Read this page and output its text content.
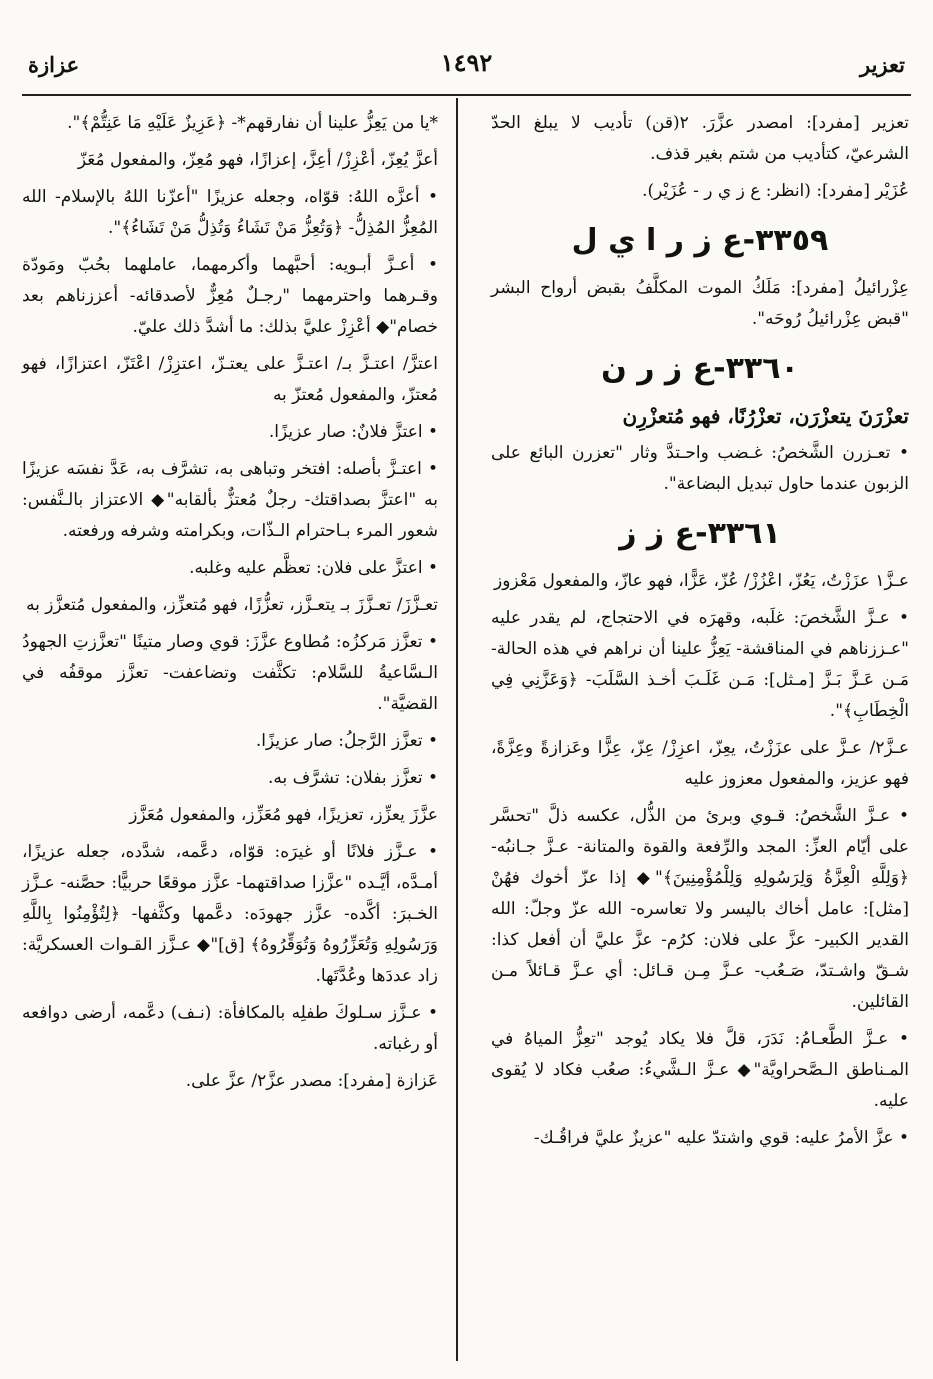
تعزير
١٤٩٢
عزازة

تعزير [مفرد]: امصدر عزَّرَ. ٢(قن) تأديب لا يبلغ الحدّ الشرعيّ، كتأديب من شتم بغير قذف.

عُزَيْر [مفرد]: (انظر: ع ز ي ر - عُزَيْر).

٣٣٥٩-ع ز ر ا ي ل

عِزْرائيلُ [مفرد]: مَلَكُ الموت المكلَّفُ بقبض أرواح البشر "قبض عِزْرائيلُ رُوحَه".

٣٣٦٠-ع ز ر ن

تعزْرَنَ يتعزْرَن، تعزْرُنًا، فهو مُتعزْرِن

• تعـزرن الشَّخصُ: غـضب واحـتدَّ وثار "تعزرن البائع على الزبون عندما حاول تبديل البضاعة".

٣٣٦١-ع ز ز

عـزَّ١ عزَزْتُ، يَعُزّ، اعْزُزْ/ عُزّ، عَزًّا، فهو عازّ، والمفعول مَعْزوز

• عـزَّ الشَّخصَ: غلَبه، وقهرَه في الاحتجاج، لم يقدر عليه "عـززناهم في المناقشة- يَعِزُّ علينا أن نراهم في هذه الحالة- مَـن عَـزَّ بَـزَّ [مـثل]: مَـن غَلَـبَ أخـذ السَّلَبَ- ﴿وَعَزَّنِي فِي الْخِطَابِ﴾".

عـزَّ٢/ عـزَّ على عزَزْتُ، يعِزّ، اعزِزْ/ عِزّ، عِزًّا وعَزازةً وعِزَّةً، فهو عزيز، والمفعول معزوز عليه

• عـزَّ الشَّخصُ: قـوي وبرئ من الذُّل، عكسه ذلَّ "تحسَّر على أيّام العزِّ: المجد والرِّفعة والقوة والمتانة- عـزَّ جـانبُه- ﴿وَلِلَّهِ الْعِزَّةُ وَلِرَسُولِهِ وَلِلْمُؤْمِنِينَ﴾"◆ إذا عزّ أخوك فهُنْ [مثل]: عامل أخاك باليسر ولا تعاسره- الله عزّ وجلّ: الله القدير الكبير- عزَّ على فلان: كرُم- عزَّ عليَّ أن أفعل كذا: شـقّ واشـتدّ، صَـعُب- عـزَّ مِـن قـائل: أي عـزَّ قـائلاً مـن القائلين.

• عـزَّ الطَّعـامُ: نَدَرَ، قلَّ فلا يكاد يُوجد "تعِزُّ المياهُ في المـناطق الـصَّحراويَّة"◆ عـزَّ الـشَّيءُ: صعُب فكاد لا يُقوى عليه.

• عزَّ الأمرُ عليه: قوي واشتدّ عليه "عزيزٌ عليَّ فراقُـك-

*يا من يَعِزُّ علينا أن نفارقهم*- ﴿عَزِيزٌ عَلَيْهِ مَا عَنِتُّمْ﴾".

أعزَّ يُعِزّ، أعْزِزْ/ أعِزَّ، إعزازًا، فهو مُعِزّ، والمفعول مُعَزّ

• أعزَّه اللهُ: قوّاه، وجعله عزيزًا "أعزّنا اللهُ بالإسلام- الله المُعِزُّ المُذِلُّ- ﴿وَتُعِزُّ مَنْ تَشَاءُ وَتُذِلُّ مَنْ تَشَاءُ﴾".

• أعـزَّ أبـويه: أحبَّهما وأكرمهما، عاملهما بحُبّ ومَودّة وقـرهما واحترمهما "رجـلٌ مُعِزٌّ لأصدقائه- أعززناهم بعد خصام"◆ أعْزِزْ عليَّ بذلك: ما أشدَّ ذلك عليّ.

اعتزَّ/ اعتـزَّ بـ/ اعتـزَّ على يعتـزّ، اعتزِزْ/ اعْتَزّ، اعتزازًا، فهو مُعتزّ، والمفعول مُعتزّ به

• اعتزَّ فلانٌ: صار عزيزًا.

• اعتـزَّ بأصله: افتخر وتباهى به، تشرَّف به، عَدَّ نفسَه عزيزًا به "اعتزَّ بصداقتك- رجلٌ مُعتزٌّ بألقابه"◆ الاعتزاز بالـنَّفس: شعور المرء بـاحترام الـذّات، وبكرامته وشرفه ورفعته.

• اعتزَّ على فلان: تعظَّم عليه وغلبه.

تعـزَّزَ/ تعـزَّزَ بـ يتعـزَّز، تعزُّزًا، فهو مُتعزِّز، والمفعول مُتعزَّز به

• تعزَّز مَركزُه: مُطاوع عزَّزَ: قوي وصار متينًا "تعزَّزتِ الجهودُ الـسَّاعيةُ للسَّلام: تكثَّفت وتضاعفت- تعزَّز موقفُه في القضيَّة".

• تعزَّز الرَّجلُ: صار عزيزًا.

• تعزَّز بفلان: تشرَّف به.

عزَّزَ يعزِّز، تعزيزًا، فهو مُعَزِّز، والمفعول مُعَزَّز

• عـزَّز فلانًا أو غيرَه: قوّاه، دعَّمه، شدَّده، جعله عزيزًا، أمـدَّه، أيَّـده "عزَّزا صداقتهما- عزَّز موقعًا حربيًّا: حصَّنه- عـزَّز الخـبرَ: أكَّده- عزَّز جهودَه: دعَّمها وكثَّفها- ﴿لِتُؤْمِنُوا بِاللَّهِ وَرَسُولِهِ وَتُعَزِّرُوهُ وَتُوَقِّرُوهُ﴾ [ق]"◆ عـزَّز القـوات العسكريَّة: زاد عددَها وعُدَّتَها.

• عـزَّز سـلوكَ طفلِه بالمكافأة: (نـف) دعَّمه، أرضى دوافعه أو رغباته.

عَزازة [مفرد]: مصدر عزَّ٢/ عزَّ على.
